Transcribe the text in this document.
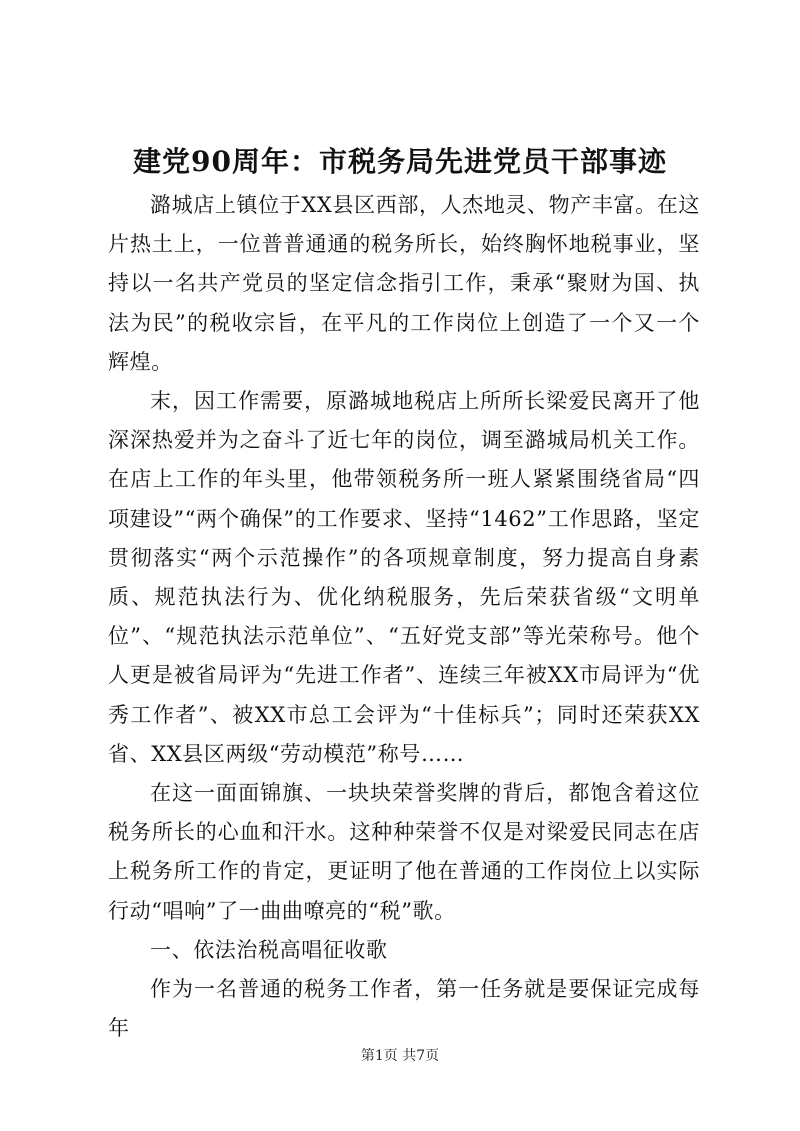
建党90周年：市税务局先进党员干部事迹

潞城店上镇位于XX县区西部，人杰地灵、物产丰富。在这片热土上，一位普普通通的税务所长，始终胸怀地税事业，坚持以一名共产党员的坚定信念指引工作，秉承“聚财为国、执法为民”的税收宗旨，在平凡的工作岗位上创造了一个又一个辉煌。

末，因工作需要，原潞城地税店上所所长梁爱民离开了他深深热爱并为之奋斗了近七年的岗位，调至潞城局机关工作。在店上工作的年头里，他带领税务所一班人紧紧围绕省局“四项建设”“两个确保”的工作要求、坚持“1462”工作思路，坚定贯彻落实“两个示范操作”的各项规章制度，努力提高自身素质、规范执法行为、优化纳税服务，先后荣获省级“文明单位”、“规范执法示范单位”、“五好党支部”等光荣称号。他个人更是被省局评为“先进工作者”、连续三年被XX市局评为“优秀工作者”、被XX市总工会评为“十佳标兵”；同时还荣获XX省、XX县区两级“劳动模范”称号……

在这一面面锦旗、一块块荣誉奖牌的背后，都饱含着这位税务所长的心血和汗水。这种种荣誉不仅是对梁爱民同志在店上税务所工作的肯定，更证明了他在普通的工作岗位上以实际行动“唱响”了一曲曲嘹亮的“税”歌。

一、依法治税高唱征收歌

作为一名普通的税务工作者，第一任务就是要保证完成每年

第1页 共7页
